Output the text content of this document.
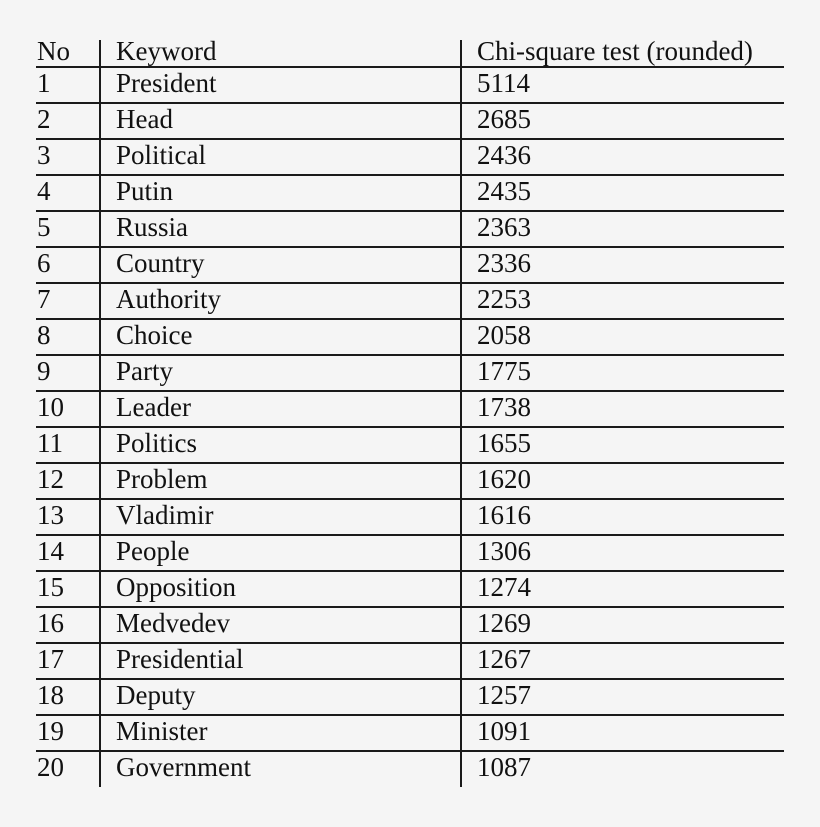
No	Keyword	Chi-square test (rounded)
1	President	5114
2	Head	2685
3	Political	2436
4	Putin	2435
5	Russia	2363
6	Country	2336
7	Authority	2253
8	Choice	2058
9	Party	1775
10	Leader	1738
11	Politics	1655
12	Problem	1620
13	Vladimir	1616
14	People	1306
15	Opposition	1274
16	Medvedev	1269
17	Presidential	1267
18	Deputy	1257
19	Minister	1091
20	Government	1087
